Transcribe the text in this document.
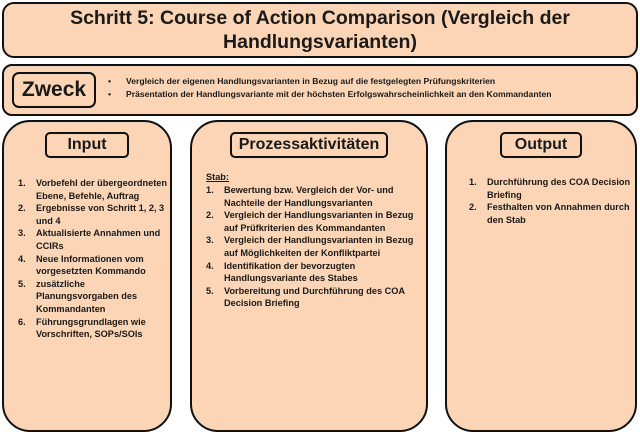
Schritt 5: Course of Action Comparison (Vergleich der Handlungsvarianten)
Zweck	• Vergleich der eigenen Handlungsvarianten in Bezug auf die festgelegten Prüfungskriterien
• Präsentation der Handlungsvariante mit der höchsten Erfolgswahrscheinlichkeit an den Kommandanten
Input
1. Vorbefehl der übergeordneten Ebene, Befehle, Auftrag
2. Ergebnisse von Schritt 1, 2, 3 und 4
3. Aktualisierte Annahmen und CCIRs
4. Neue Informationen vom vorgesetzten Kommando
5. zusätzliche Planungsvorgaben des Kommandanten
6. Führungsgrundlagen wie Vorschriften, SOPs/SOIs
Prozessaktivitäten
Stab:
1. Bewertung bzw. Vergleich der Vor- und Nachteile der Handlungsvarianten
2. Vergleich der Handlungsvarianten in Bezug auf Prüfkriterien des Kommandanten
3. Vergleich der Handlungsvarianten in Bezug auf Möglichkeiten der Konfliktpartei
4. Identifikation der bevorzugten Handlungsvariante des Stabes
5. Vorbereitung und Durchführung des COA Decision Briefing
Output
1. Durchführung des COA Decision Briefing
2. Festhalten von Annahmen durch den Stab
